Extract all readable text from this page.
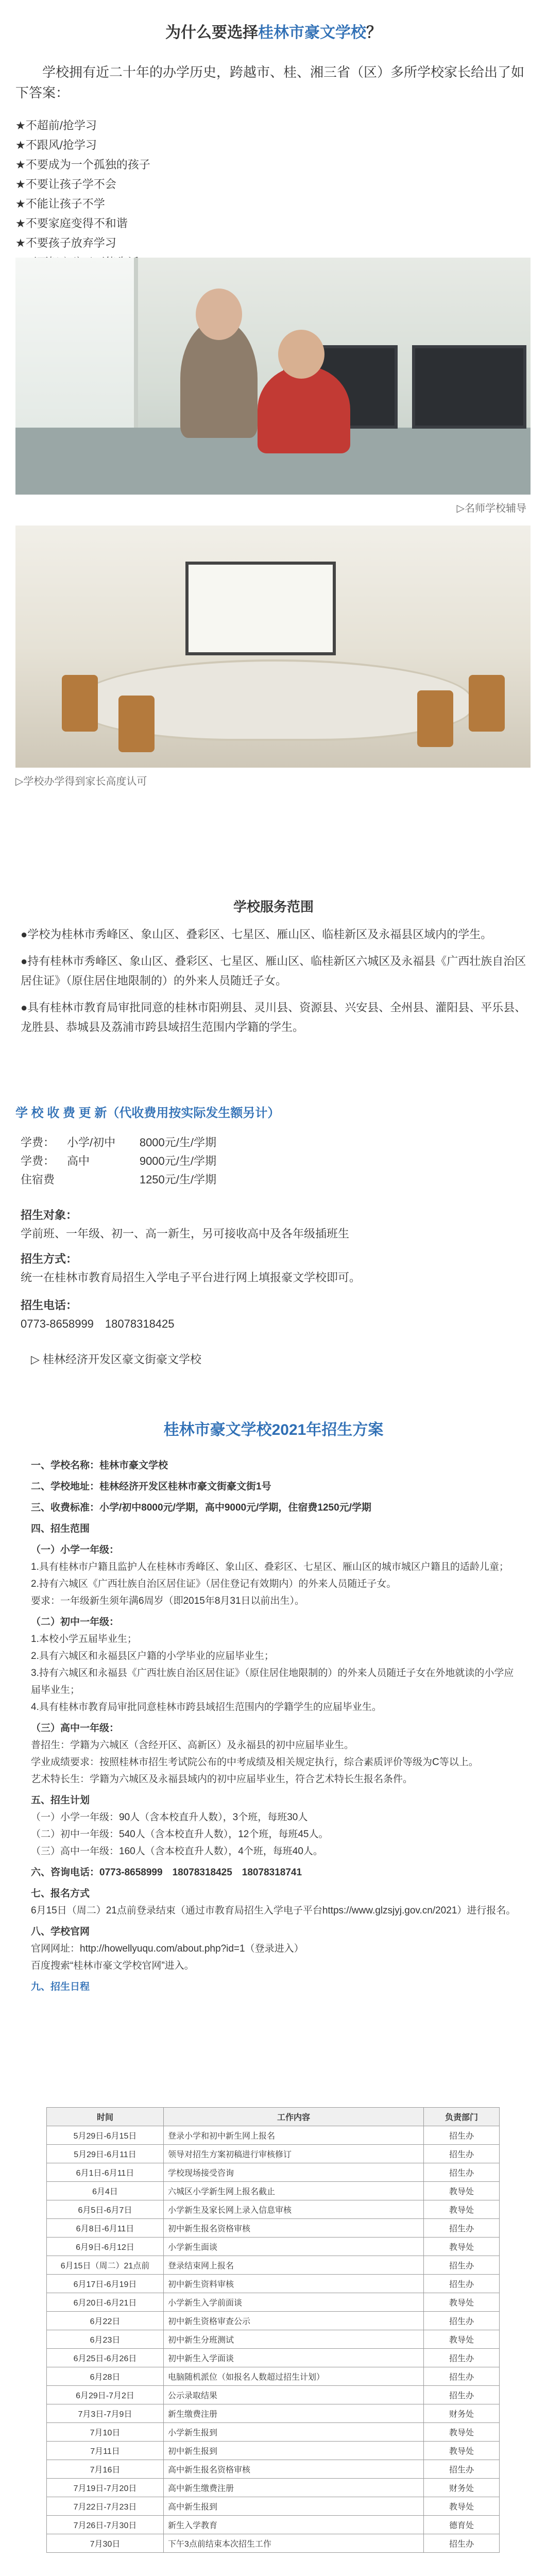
为什么要选择桂林市豪文学校？
学校拥有近二十年的办学历史，跨越市、桂、湘三省（区）多所学校家长给出了如下答案：
★不超前/抢学习
★不跟风/抢学习
★不要成为一个孤独的孩子
★不要让孩子学不会
★不能让孩子不学
★不要家庭变得不和谐
★不要孩子放弃学习
▷名师学校辅导
▷学校办学得到家长高度认可
学校服务范围
●学校为桂林市秀峰区、象山区、叠彩区、七星区、雁山区、临桂新区及永福县区域内的学生。
●持有桂林市秀峰区、象山区、叠彩区、七星区、雁山区、临桂新区六城区及永福县《广西壮族自治区居住证》（原住居住地限制的）的外来人员随迁子女。
●具有桂林市教育局审批同意的桂林市阳朔县、灵川县、资源县、兴安县、全州县、灌阳县、平乐县、龙胜县、恭城县及荔浦市跨县域招生范围内学籍的学生。
学 校 收 费 更 新（代收费用按实际发生额另计）
学费： 小学/初中 8000元/生/学期
学费： 高中	9000元/生/学期
住宿费	1250元/生/学期
招生对象：
学前班、一年级、初一、高一新生，另可接收高中及各年级插班生
招生方式：
统一在桂林市教育局招生入学电子平台进行网上填报豪文学校即可。
招生电话：
0773-8658999　18078318425
▷ 桂林经济开发区豪文街豪文学校
桂林市豪文学校2021年招生方案
一、学校名称：桂林市豪文学校
二、学校地址：桂林经济开发区桂林市豪文街豪文街1号
三、收费标准：小学/初中8000元/学期，高中9000元/学期，住宿费1250元/学期
四、招生范围
（一）小学一年级：
1.具有桂林市户籍且监护人在桂林市秀峰区、象山区、叠彩区、七星区、雁山区的城市城区户籍且的适龄儿童；
2.持有六城区《广西壮族自治区居住证》（居住登记有效期内）的外来人员随迁子女。
要求：一年级新生须年满6周岁（即2015年8月31日以前出生）。
（二）初中一年级：
1.本校小学五届毕业生；
2.具有六城区和永福县区户籍的小学毕业的应届毕业生；
3.持有六城区和永福县《广西壮族自治区居住证》（原住居住地限制的）的外来人员随迁子女在外地就读的小学应届毕业生；
4.具有桂林市教育局审批同意桂林市跨县域招生范围内的学籍学生的应届毕业生。
（三）高中一年级：
普招生：学籍为六城区（含经开区、高新区）及永福县的初中应届毕业生。
学业成绩要求：按照桂林市招生考试院公布的中考成绩及相关规定执行，综合素质评价等级为C等以上。
艺术特长生：学籍为六城区及永福县域内的初中应届毕业生，符合艺术特长生报名条件。
五、招生计划
（一）小学一年级：90人（含本校直升人数），3个班，每班30人
（二）初中一年级：540人（含本校直升人数），12个班，每班45人。
（三）高中一年级：160人（含本校直升人数），4个班，每班40人。
六、咨询电话：0773-8658999　18078318425　18078318741
七、报名方式
6月15日（周二）21点前登录结束（通过市教育局招生入学电子平台https://www.glzsjyj.gov.cn/2021）进行报名。
八、学校官网
官网网址：http://howellyuqu.com/about.php?id=1（登录进入）
百度搜索“桂林市豪文学校官网”进入。
九、招生日程
时间	工作内容	负责部门
5月29日-6月15日	登录小学和初中新生网上报名	招生办
5月29日-6月11日	领导对招生方案初稿进行审核修订	招生办
6月1日-6月11日	学校现场接受咨询	招生办
6月4日	六城区小学新生网上报名截止	教导处
6月5日-6月7日	小学新生及家长网上录入信息审核	教导处
6月8日-6月11日	初中新生报名资格审核	招生办
6月9日-6月12日	小学新生面谈	教导处
6月15日（周二）21点前	登录结束网上报名	招生办
6月17日-6月19日	初中新生资料审核	招生办
6月20日-6月21日	小学新生入学前面谈	教导处
6月22日	初中新生资格审查公示	招生办
6月23日	初中新生分班测试	教导处
6月25日-6月26日	初中新生入学面谈	招生办
6月28日	电脑随机派位（如报名人数超过招生计划）	招生办
6月29日-7月2日	公示录取结果	招生办
7月3日-7月9日	新生缴费注册	财务处
7月10日	小学新生报到	教导处
7月11日	初中新生报到	教导处
7月16日	高中新生报名资格审核	招生办
7月19日-7月20日	高中新生缴费注册	财务处
7月22日-7月23日	高中新生报到	教导处
7月26日-7月30日	新生入学教育	德育处
7月30日	下午3点前结束本次招生工作	招生办
